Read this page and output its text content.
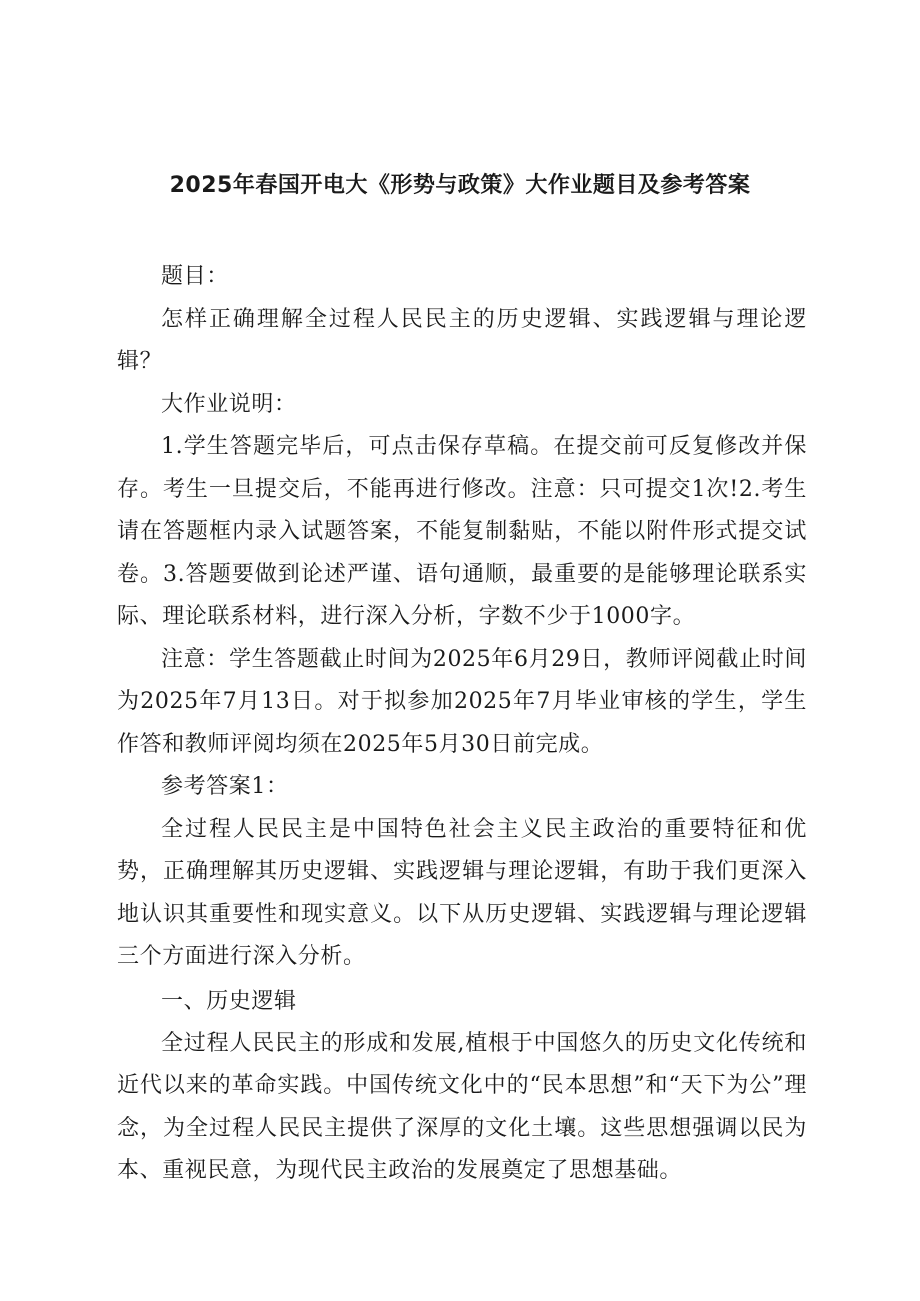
2025年春国开电大《形势与政策》大作业题目及参考答案

题目：

怎样正确理解全过程人民民主的历史逻辑、实践逻辑与理论逻辑？

大作业说明：

1.学生答题完毕后，可点击保存草稿。在提交前可反复修改并保存。考生一旦提交后，不能再进行修改。注意：只可提交1次!2.考生请在答题框内录入试题答案，不能复制黏贴，不能以附件形式提交试卷。3.答题要做到论述严谨、语句通顺，最重要的是能够理论联系实际、理论联系材料，进行深入分析，字数不少于1000字。

注意：学生答题截止时间为2025年6月29日，教师评阅截止时间为2025年7月13日。对于拟参加2025年7月毕业审核的学生，学生作答和教师评阅均须在2025年5月30日前完成。

参考答案1：

全过程人民民主是中国特色社会主义民主政治的重要特征和优势，正确理解其历史逻辑、实践逻辑与理论逻辑，有助于我们更深入地认识其重要性和现实意义。以下从历史逻辑、实践逻辑与理论逻辑三个方面进行深入分析。

一、历史逻辑

全过程人民民主的形成和发展,植根于中国悠久的历史文化传统和近代以来的革命实践。中国传统文化中的“民本思想”和“天下为公”理念，为全过程人民民主提供了深厚的文化土壤。这些思想强调以民为本、重视民意，为现代民主政治的发展奠定了思想基础。
